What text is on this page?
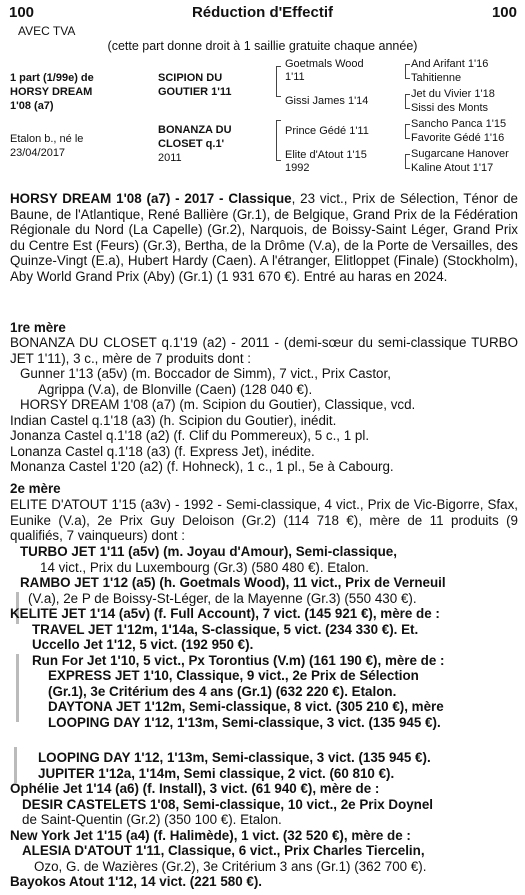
100	Réduction d'Effectif	100
AVEC TVA
(cette part donne droit à 1 saillie gratuite chaque année)
1 part (1/99e) de
HORSY DREAM
1'08 (a7)
Etalon b., né le
23/04/2017
SCIPION DU
GOUTIER 1'11
BONANZA DU
CLOSET q.1'
2011
Goetmals Wood
1'11
Gissi James 1'14
Prince Gédé 1'11
Elite d'Atout 1'15
1992
And Arifant 1'16
Tahitienne
Jet du Vivier 1'18
Sissi des Monts
Sancho Panca 1'15
Favorite Gédé 1'16
Sugarcane Hanover
Kaline Atout 1'17
HORSY DREAM 1'08 (a7) - 2017 - Classique, 23 vict., Prix de Sélection, Ténor de Baune, de l'Atlantique, René Ballière (Gr.1), de Belgique, Grand Prix de la Fédération Régionale du Nord (La Capelle) (Gr.2), Narquois, de Boissy-Saint Léger, Grand Prix du Centre Est (Feurs) (Gr.3), Bertha, de la Drôme (V.a), de la Porte de Versailles, des Quinze-Vingt (E.a), Hubert Hardy (Caen). A l'étranger, Elitloppet (Finale) (Stockholm), Aby World Grand Prix (Aby) (Gr.1) (1 931 670 €). Entré au haras en 2024.
1re mère
BONANZA DU CLOSET q.1'19 (a2) - 2011 - (demi-sœur du semi-classique TURBO JET 1'11), 3 c., mère de 7 produits dont :
Gunner 1'13 (a5v) (m. Boccador de Simm), 7 vict., Prix Castor,
Agrippa (V.a), de Blonville (Caen) (128 040 €).
HORSY DREAM 1'08 (a7) (m. Scipion du Goutier), Classique, vcd.
Indian Castel q.1'18 (a3) (h. Scipion du Goutier), inédit.
Jonanza Castel q.1'18 (a2) (f. Clif du Pommereux), 5 c., 1 pl.
Lonanza Castel q.1'18 (a3) (f. Express Jet), inédite.
Monanza Castel 1'20 (a2) (f. Hohneck), 1 c., 1 pl., 5e à Cabourg.
2e mère
ELITE D'ATOUT 1'15 (a3v) - 1992 - Semi-classique, 4 vict., Prix de Vic-Bigorre, Sfax, Eunike (V.a), 2e Prix Guy Deloison (Gr.2) (114 718 €), mère de 11 produits (9 qualifiés, 7 vainqueurs) dont :
TURBO JET 1'11 (a5v) (m. Joyau d'Amour), Semi-classique,
14 vict., Prix du Luxembourg (Gr.3) (580 480 €). Etalon.
RAMBO JET 1'12 (a5) (h. Goetmals Wood), 11 vict., Prix de Verneuil
(V.a), 2e P de Boissy-St-Léger, de la Mayenne (Gr.3) (550 430 €).
KELITE JET 1'14 (a5v) (f. Full Account), 7 vict. (145 921 €), mère de :
TRAVEL JET 1'12m, 1'14a, S-classique, 5 vict. (234 330 €). Et.
Uccello Jet 1'12, 5 vict. (192 950 €).
Run For Jet 1'10, 5 vict., Px Torontius (V.m) (161 190 €), mère de :
EXPRESS JET 1'10, Classique, 9 vict., 2e Prix de Sélection
(Gr.1), 3e Critérium des 4 ans (Gr.1) (632 220 €). Etalon.
DAYTONA JET 1'12m, Semi-classique, 8 vict. (305 210 €), mère
LOOPING DAY 1'12, 1'13m, Semi-classique, 3 vict. (135 945 €).
LOOPING DAY 1'12, 1'13m, Semi-classique, 3 vict. (135 945 €).
JUPITER 1'12a, 1'14m, Semi classique, 2 vict. (60 810 €).
Ophélie Jet 1'14 (a6) (f. Install), 3 vict. (61 940 €), mère de :
DESIR CASTELETS 1'08, Semi-classique, 10 vict., 2e Prix Doynel
de Saint-Quentin (Gr.2) (350 100 €). Etalon.
New York Jet 1'15 (a4) (f. Halimède), 1 vict. (32 520 €), mère de :
ALESIA D'ATOUT 1'11, Classique, 6 vict., Prix Charles Tiercelin,
Ozo, G. de Wazières (Gr.2), 3e Critérium 3 ans (Gr.1) (362 700 €).
Bayokos Atout 1'12, 14 vict. (221 580 €).
